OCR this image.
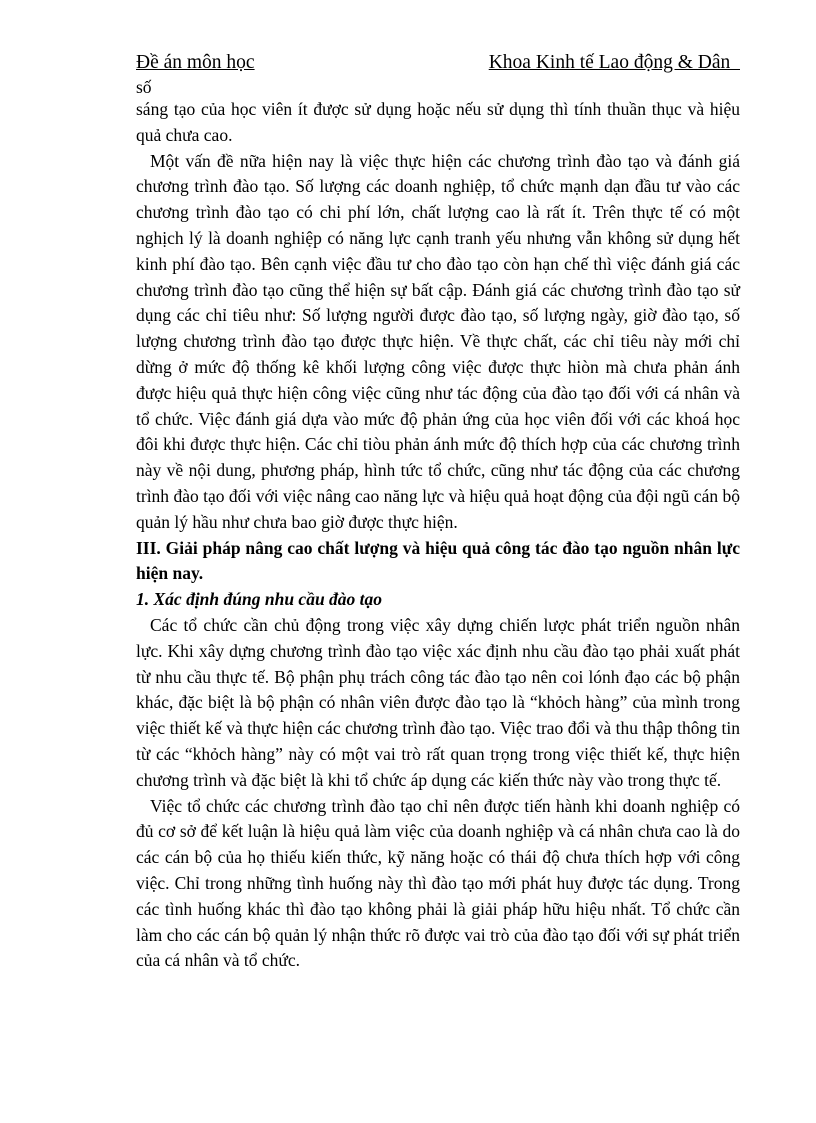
Đề án môn học	Khoa Kinh tế Lao động & Dân
số

sáng tạo của học viên ít được sử dụng hoặc nếu sử dụng thì tính thuần thục và hiệu quả chưa cao.

Một vấn đề nữa hiện nay là việc thực hiện các chương trình đào tạo và đánh giá chương trình đào tạo. Số lượng các doanh nghiệp, tổ chức mạnh dạn đầu tư vào các chương trình đào tạo có chi phí lớn, chất lượng cao là rất ít. Trên thực tế có một nghịch lý là doanh nghiệp có năng lực cạnh tranh yếu nhưng vẫn không sử dụng hết kinh phí đào tạo. Bên cạnh việc đầu tư cho đào tạo còn hạn chế thì việc đánh giá các chương trình đào tạo cũng thể hiện sự bất cập. Đánh giá các chương trình đào tạo sử dụng các chỉ tiêu như: Số lượng người được đào tạo, số lượng ngày, giờ đào tạo, số lượng chương trình đào tạo được thực hiện. Về thực chất, các chỉ tiêu này mới chỉ dừng ở mức độ thống kê khối lượng công việc được thực hiòn mà chưa phản ánh được hiệu quả thực hiện công việc cũng như tác động của đào tạo đối với cá nhân và tổ chức. Việc đánh giá dựa vào mức độ phản ứng của học viên đối với các khoá học đôi khi được thực hiện. Các chỉ tiòu phản ánh mức độ thích hợp của các chương trình này về nội dung, phương pháp, hình tức tổ chức, cũng như tác động của các chương trình đào tạo đối với việc nâng cao năng lực và hiệu quả hoạt động của đội ngũ cán bộ quản lý hầu như chưa bao giờ được thực hiện.

III. Giải pháp nâng cao chất lượng và hiệu quả công tác đào tạo nguồn nhân lực hiện nay.
1. Xác định đúng nhu cầu đào tạo

Các tổ chức cần chủ động trong việc xây dựng chiến lược phát triển nguồn nhân lực. Khi xây dựng chương trình đào tạo việc xác định nhu cầu đào tạo phải xuất phát từ nhu cầu thực tế. Bộ phận phụ trách công tác đào tạo nên coi lónh đạo các bộ phận khác, đặc biệt là bộ phận có nhân viên được đào tạo là “khỏch hàng” của mình trong việc thiết kế và thực hiện các chương trình đào tạo. Việc trao đổi và thu thập thông tin từ các “khỏch hàng” này có một vai trò rất quan trọng trong việc thiết kế, thực hiện chương trình và đặc biệt là khi tổ chức áp dụng các kiến thức này vào trong thực tế.

Việc tổ chức các chương trình đào tạo chỉ nên được tiến hành khi doanh nghiệp có đủ cơ sở để kết luận là hiệu quả làm việc của doanh nghiệp và cá nhân chưa cao là do các cán bộ của họ thiếu kiến thức, kỹ năng hoặc có thái độ chưa thích hợp với công việc. Chỉ trong những tình huống này thì đào tạo mới phát huy được tác dụng. Trong các tình huống khác thì đào tạo không phải là giải pháp hữu hiệu nhất. Tổ chức cần làm cho các cán bộ quản lý nhận thức rõ được vai trò của đào tạo đối với sự phát triển của cá nhân và tổ chức.
